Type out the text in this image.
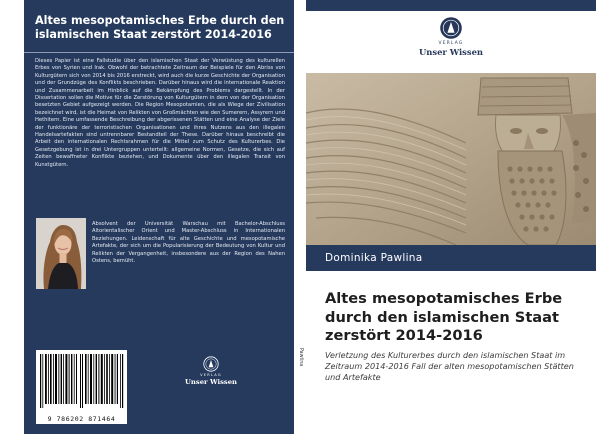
Altes mesopotamisches Erbe durch den
islamischen Staat zerstört 2014-2016

Dieses Papier ist eine Fallstudie über den islamischen Staat der Verwüstung des kulturellen Erbes von Syrien und Irak. Obwohl der betrachtete Zeitraum der Beispiele für den Abriss von Kulturgütern sich von 2014 bis 2016 erstreckt, wird auch die kurze Geschichte der Organisation und der Grundzüge des Konflikts beschrieben. Darüber hinaus wird die internationale Reaktion und Zusammenarbeit im Hinblick auf die Bekämpfung des Problems dargestellt. In der Dissertation sollen die Motive für die Zerstörung von Kulturgütern in dem von der Organisation besetzten Gebiet aufgezeigt werden. Die Region Mesopotamien, die als Wiege der Zivilisation bezeichnet wird, ist die Heimat von Relikten von Großmächten wie den Sumerern, Assyrern und Hethitern. Eine umfassende Beschreibung der abgerissenen Stätten und eine Analyse der Ziele der funktionäre der terroristischen Organisationen und ihres Nutzens aus den illegalen Handelsartefakten sind untrennbarer Bestandteil der These. Darüber hinaus beschreibt die Arbeit den internationalen Rechtsrahmen für die Mittel zum Schutz des Kulturerbes. Die Gesetzgebung ist in drei Untergruppen unterteilt: allgemeine Normen, Gesetze, die sich auf Zeiten bewaffneter Konflikte beziehen, und Dokumente über den illegalen Transit von Kunstgütern.

Absolvent der Universität Warschau mit Bachelor-Abschluss Altorientalischer Orient und Master-Abschluss in Internationalen Beziehungen. Leidenschaft für alte Geschichte und mesopotamische Artefakte, der sich um die Popularisierung der Bedeutung von Kultur und Relikten der Vergangenheit, insbesondere aus der Region des Nahen Ostens, bemüht.

9 786202 871464
VERLAG
Unser Wissen
Pawlina
VERLAG
Unser Wissen

Dominika Pawlina

Altes mesopotamisches Erbe
durch den islamischen Staat
zerstört 2014-2016

Verletzung des Kulturerbes durch den islamischen Staat im Zeitraum 2014-2016 Fall der alten mesopotamischen Stätten und Artefakte
